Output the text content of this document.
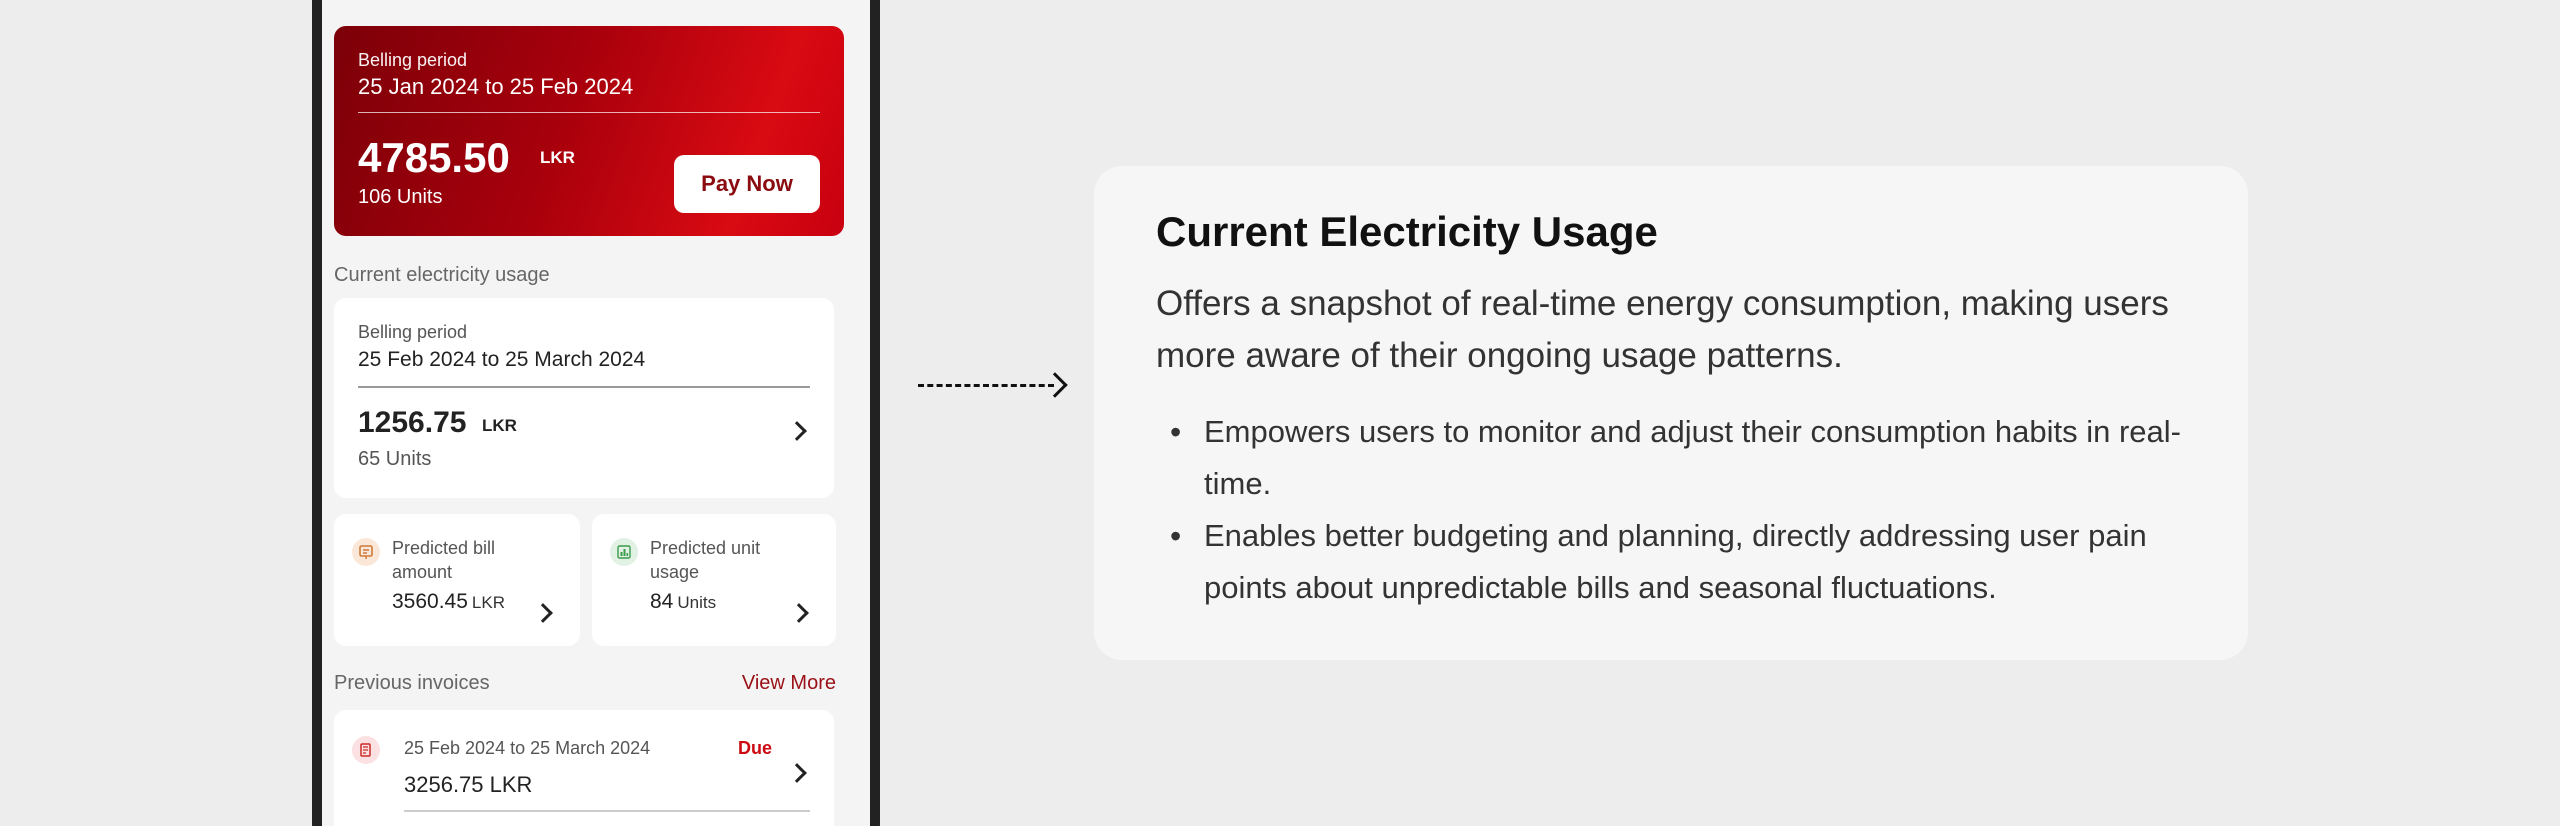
Belling period
25 Jan 2024 to 25 Feb 2024
4785.50 LKR
106 Units
Pay Now
Current electricity usage
Belling period
25 Feb 2024 to 25 March 2024
1256.75 LKR
65 Units
Predicted bill amount
3560.45 LKR
Predicted unit usage
84 Units
Previous invoices	View More
25 Feb 2024 to 25 March 2024	Due
3256.75 LKR
Current Electricity Usage
Offers a snapshot of real-time energy consumption, making users more aware of their ongoing usage patterns.
• Empowers users to monitor and adjust their consumption habits in real-time.
• Enables better budgeting and planning, directly addressing user pain points about unpredictable bills and seasonal fluctuations.
